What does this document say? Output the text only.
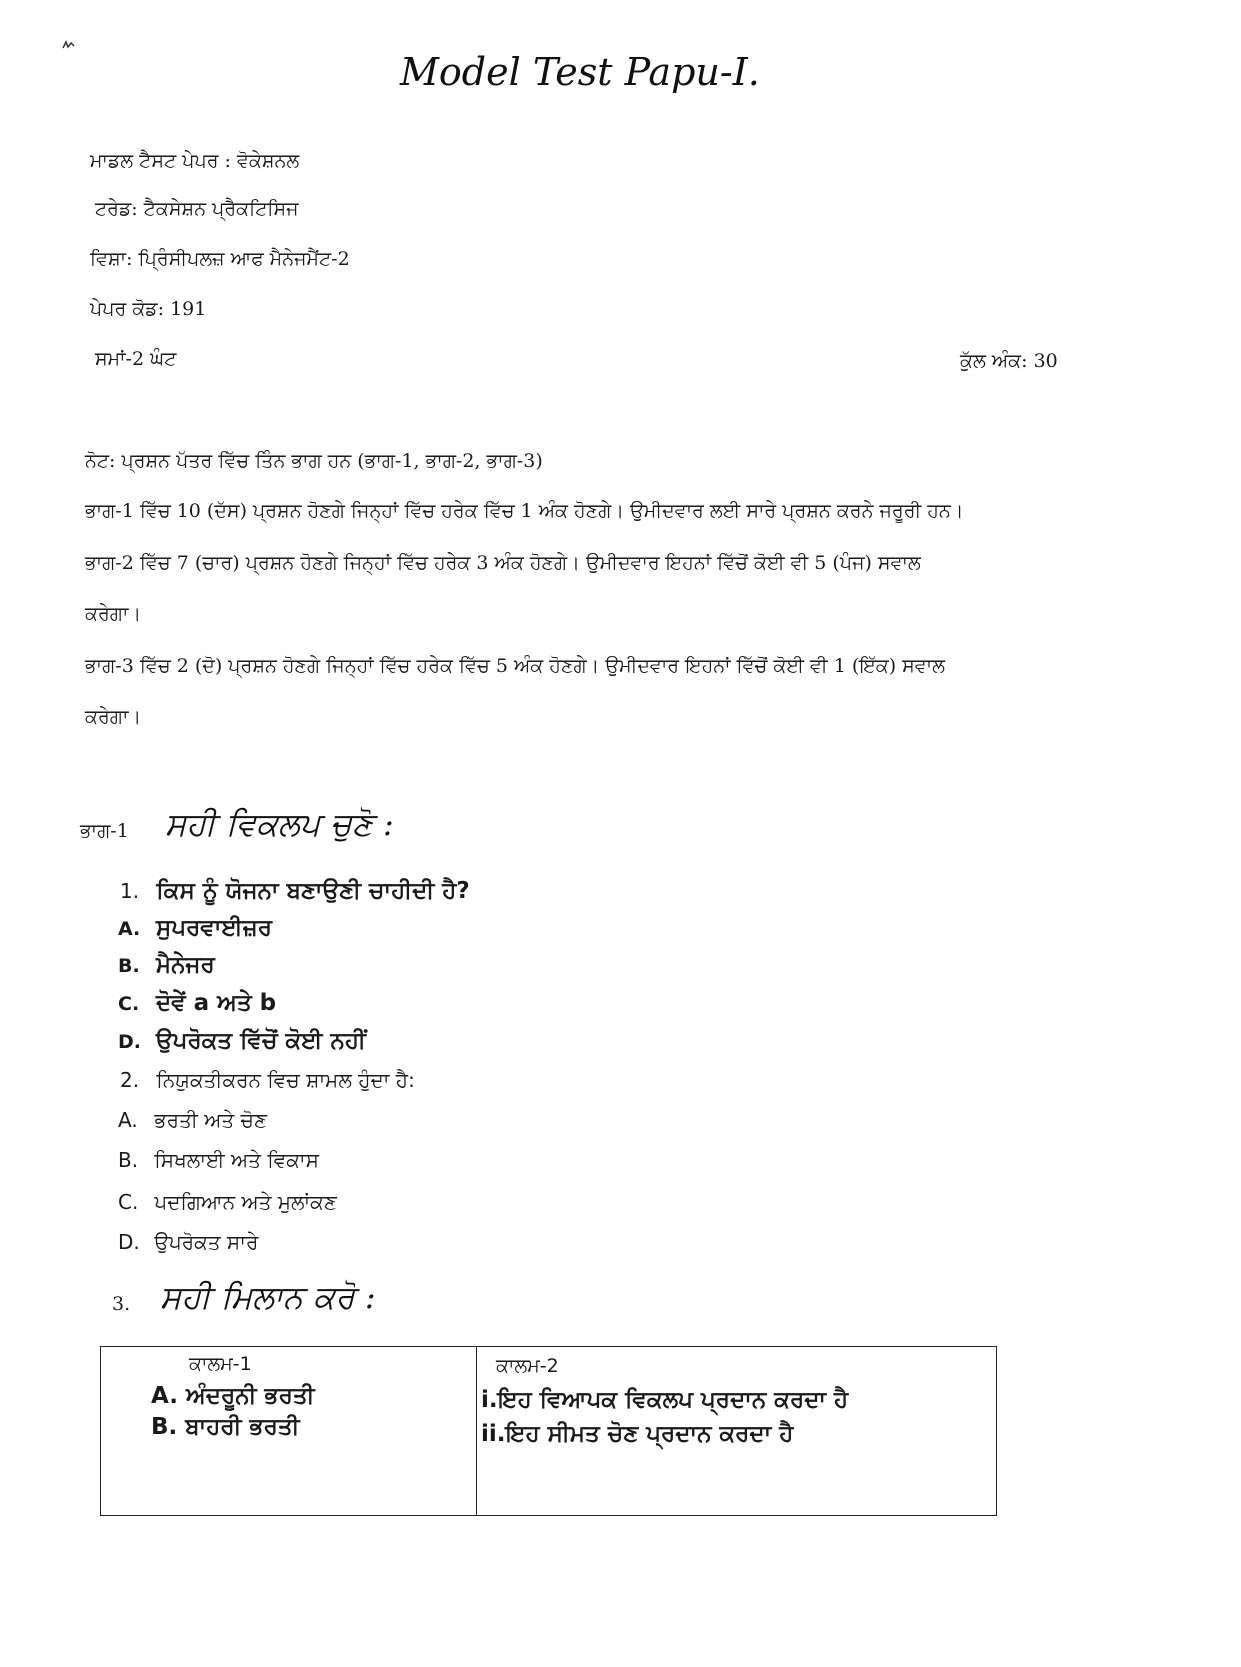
Model Test Papu-I.
ਮਾਡਲ ਟੈਸਟ ਪੇਪਰ : ਵੋਕੇਸ਼ਨਲ
ਟਰੇਡ: ਟੈਕਸੇਸ਼ਨ ਪ੍ਰੈਕਟਿਸਿਜ
ਵਿਸ਼ਾ: ਪ੍ਰਿੰਸੀਪਲਜ਼ ਆਫ ਮੈਨੇਜਮੈਂਟ-2
ਪੇਪਰ ਕੋਡ: 191
ਸਮਾਂ-2 ਘੰਟ	ਕੁੱਲ ਅੰਕ: 30
ਨੋਟ: ਪ੍ਰਸ਼ਨ ਪੱਤਰ ਵਿੱਚ ਤਿੰਨ ਭਾਗ ਹਨ (ਭਾਗ-1, ਭਾਗ-2, ਭਾਗ-3)
ਭਾਗ-1 ਵਿੱਚ 10 (ਦੱਸ) ਪ੍ਰਸ਼ਨ ਹੋਣਗੇ ਜਿਨ੍ਹਾਂ ਵਿੱਚ ਹਰੇਕ ਵਿੱਚ 1 ਅੰਕ ਹੋਣਗੇ। ਉਮੀਦਵਾਰ ਲਈ ਸਾਰੇ ਪ੍ਰਸ਼ਨ ਕਰਨੇ ਜਰੂਰੀ ਹਨ।
ਭਾਗ-2 ਵਿੱਚ 7 (ਚਾਰ) ਪ੍ਰਸ਼ਨ ਹੋਣਗੇ ਜਿਨ੍ਹਾਂ ਵਿੱਚ ਹਰੇਕ 3 ਅੰਕ ਹੋਣਗੇ। ਉਮੀਦਵਾਰ ਇਹਨਾਂ ਵਿੱਚੋਂ ਕੋਈ ਵੀ 5 (ਪੰਜ) ਸਵਾਲ
ਕਰੇਗਾ।
ਭਾਗ-3 ਵਿੱਚ 2 (ਦੋ) ਪ੍ਰਸ਼ਨ ਹੋਣਗੇ ਜਿਨ੍ਹਾਂ ਵਿੱਚ ਹਰੇਕ ਵਿੱਚ 5 ਅੰਕ ਹੋਣਗੇ। ਉਮੀਦਵਾਰ ਇਹਨਾਂ ਵਿੱਚੋਂ ਕੋਈ ਵੀ 1 (ਇੱਕ) ਸਵਾਲ
ਕਰੇਗਾ।
ਭਾਗ-1 ਸਹੀ ਵਿਕਲਪ ਚੁਣੋ :
1. ਕਿਸ ਨੂੰ ਯੋਜਨਾ ਬਣਾਉਣੀ ਚਾਹੀਦੀ ਹੈ?
A. ਸੁਪਰਵਾਈਜ਼ਰ
B. ਮੈਨੇਜਰ
C. ਦੋਵੇਂ a ਅਤੇ b
D. ਉਪਰੋਕਤ ਵਿੱਚੋਂ ਕੋਈ ਨਹੀਂ
2. ਨਿਯੁਕਤੀਕਰਨ ਵਿਚ ਸ਼ਾਮਲ ਹੁੰਦਾ ਹੈ:
A. ਭਰਤੀ ਅਤੇ ਚੋਣ
B. ਸਿਖਲਾਈ ਅਤੇ ਵਿਕਾਸ
C. ਪਦਗਿਆਨ ਅਤੇ ਮੁਲਾਂਕਣ
D. ਉਪਰੋਕਤ ਸਾਰੇ
3. ਸਹੀ ਮਿਲਾਨ ਕਰੋ :
ਕਾਲਮ-1	ਕਾਲਮ-2
A. ਅੰਦਰੂਨੀ ਭਰਤੀ
B. ਬਾਹਰੀ ਭਰਤੀ
i.ਇਹ ਵਿਆਪਕ ਵਿਕਲਪ ਪ੍ਰਦਾਨ ਕਰਦਾ ਹੈ
ii.ਇਹ ਸੀਮਤ ਚੋਣ ਪ੍ਰਦਾਨ ਕਰਦਾ ਹੈ
